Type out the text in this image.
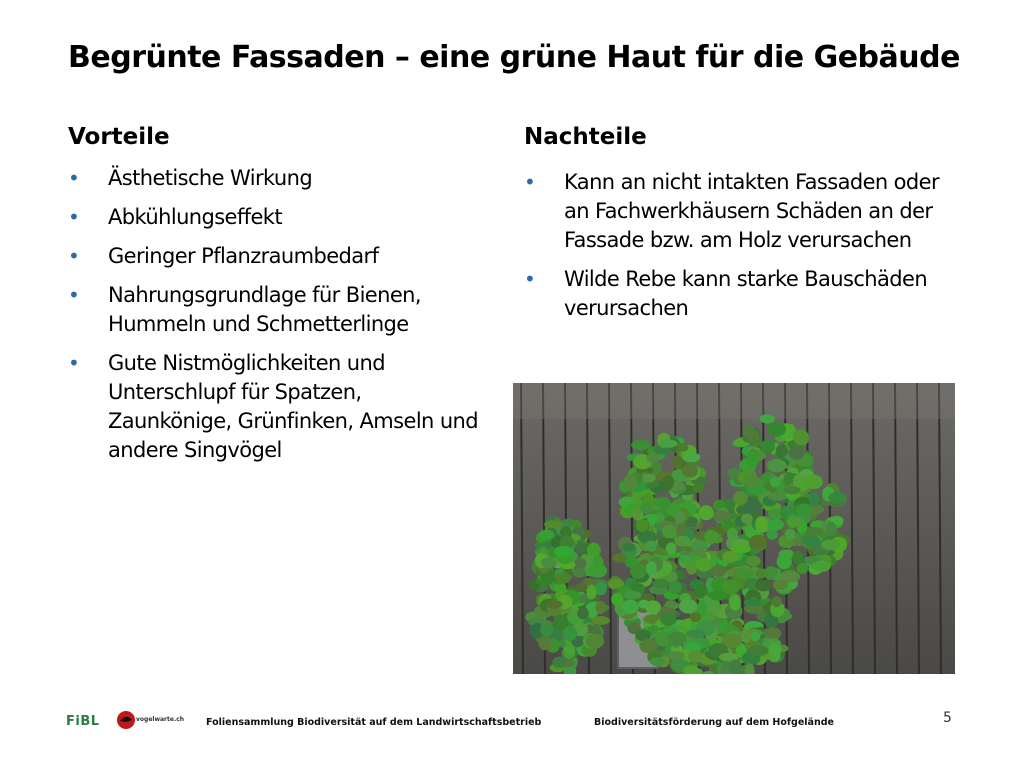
Begrünte Fassaden – eine grüne Haut für die Gebäude
Vorteile
• Ästhetische Wirkung
• Abkühlungseffekt
• Geringer Pflanzraumbedarf
• Nahrungsgrundlage für Bienen, Hummeln und Schmetterlinge
• Gute Nistmöglichkeiten und Unterschlupf für Spatzen, Zaunkönige, Grünfinken, Amseln und andere Singvögel
Nachteile
• Kann an nicht intakten Fassaden oder an Fachwerkhäusern Schäden an der Fassade bzw. am Holz verursachen
• Wilde Rebe kann starke Bauschäden verursachen
FiBL	vogelwarte.ch Foliensammlung Biodiversität auf dem Landwirtschaftsbetrieb	Biodiversitätsförderung auf dem Hofgelände	5
